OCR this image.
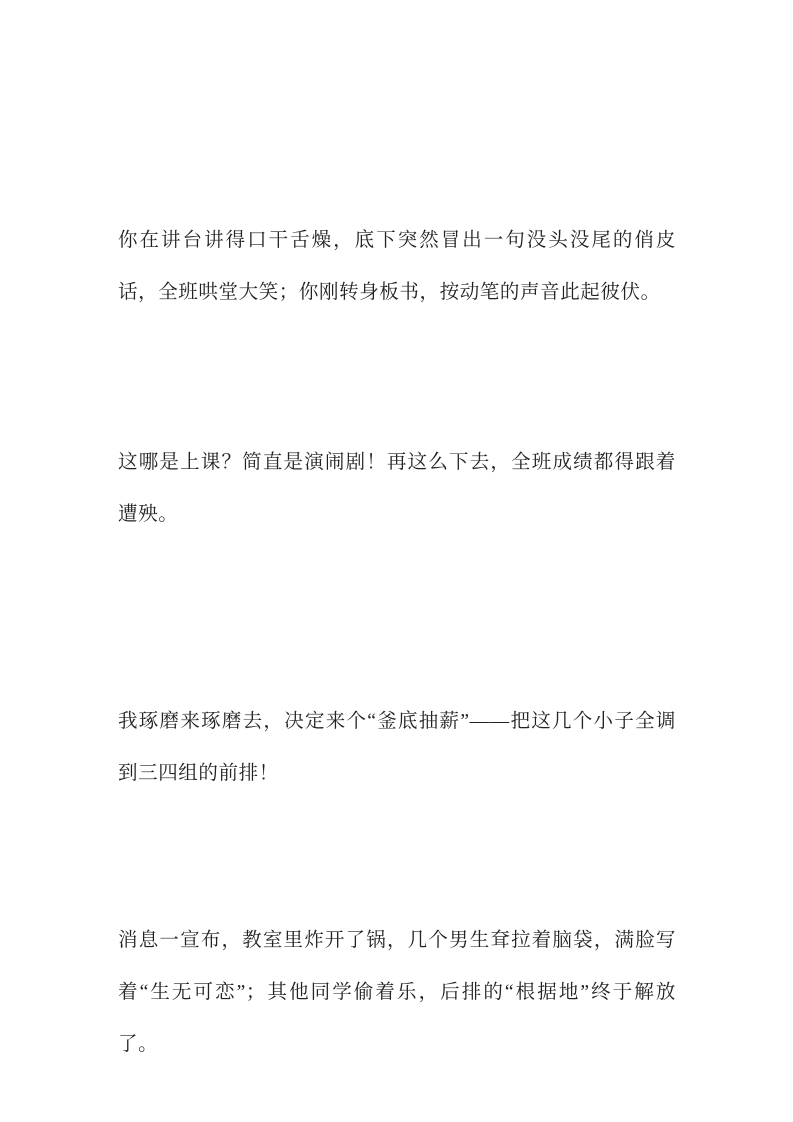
你在讲台讲得口干舌燥，底下突然冒出一句没头没尾的俏皮话，全班哄堂大笑；你刚转身板书，按动笔的声音此起彼伏。

这哪是上课？简直是演闹剧！再这么下去，全班成绩都得跟着遭殃。

我琢磨来琢磨去，决定来个“釜底抽薪”——把这几个小子全调到三四组的前排！

消息一宣布，教室里炸开了锅，几个男生耷拉着脑袋，满脸写着“生无可恋”；其他同学偷着乐，后排的“根据地”终于解放了。
